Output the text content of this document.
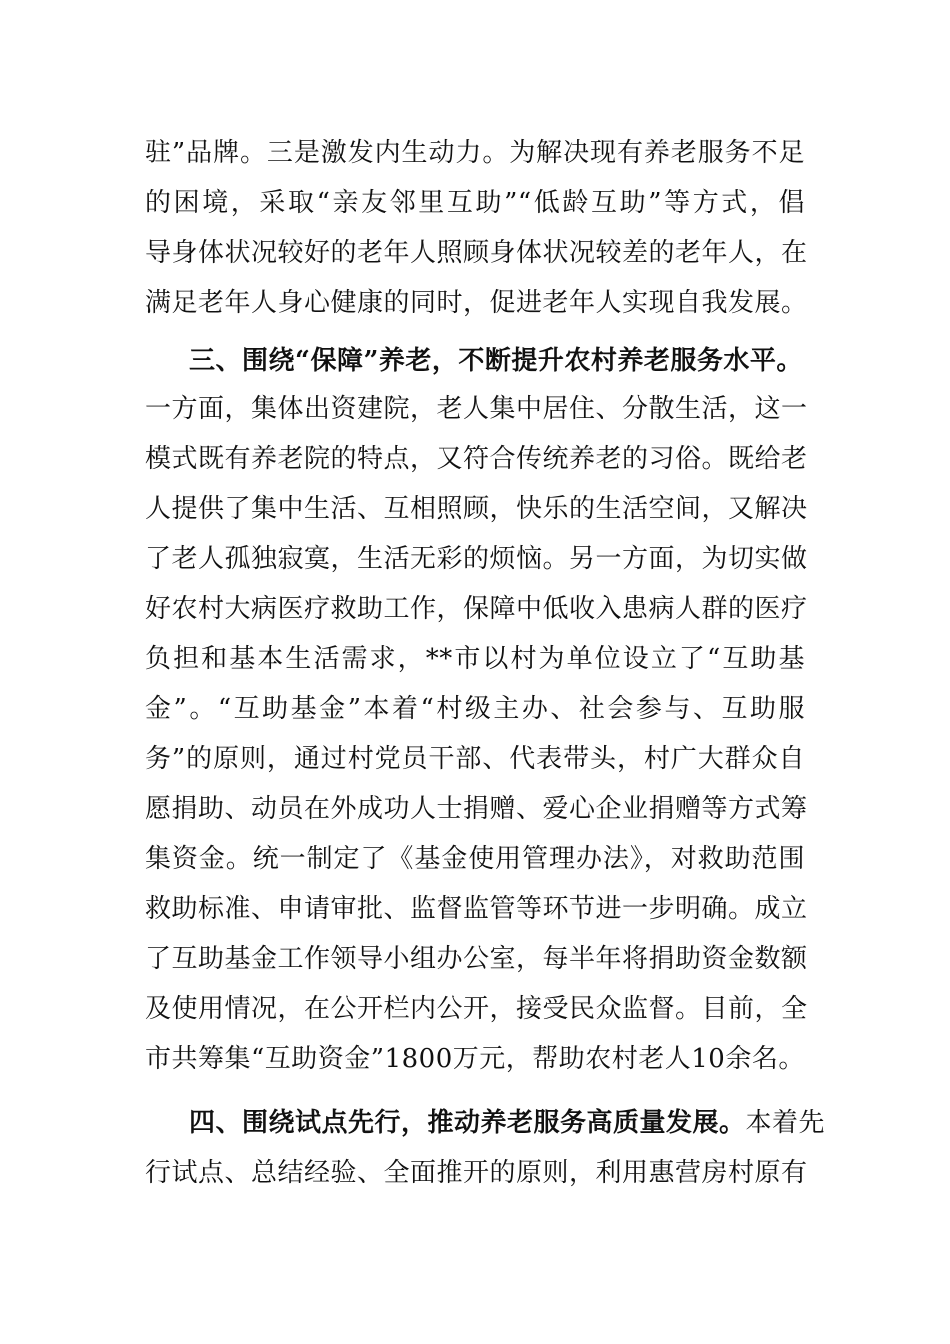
驻”品牌。三是激发内生动力。为解决现有养老服务不足
的困境，采取“亲友邻里互助”“低龄互助”等方式，倡
导身体状况较好的老年人照顾身体状况较差的老年人，在
满足老年人身心健康的同时，促进老年人实现自我发展。
三、围绕“保障”养老，不断提升农村养老服务水平。
一方面，集体出资建院，老人集中居住、分散生活，这一
模式既有养老院的特点，又符合传统养老的习俗。既给老
人提供了集中生活、互相照顾，快乐的生活空间，又解决
了老人孤独寂寞，生活无彩的烦恼。另一方面，为切实做
好农村大病医疗救助工作，保障中低收入患病人群的医疗
负担和基本生活需求，**市以村为单位设立了“互助基
金”。“互助基金”本着“村级主办、社会参与、互助服
务”的原则，通过村党员干部、代表带头，村广大群众自
愿捐助、动员在外成功人士捐赠、爱心企业捐赠等方式筹
集资金。统一制定了《基金使用管理办法》，对救助范围
救助标准、申请审批、监督监管等环节进一步明确。成立
了互助基金工作领导小组办公室，每半年将捐助资金数额
及使用情况，在公开栏内公开，接受民众监督。目前，全
市共筹集“互助资金”1800万元，帮助农村老人10余名。
四、围绕试点先行，推动养老服务高质量发展。本着先
行试点、总结经验、全面推开的原则，利用惠营房村原有
